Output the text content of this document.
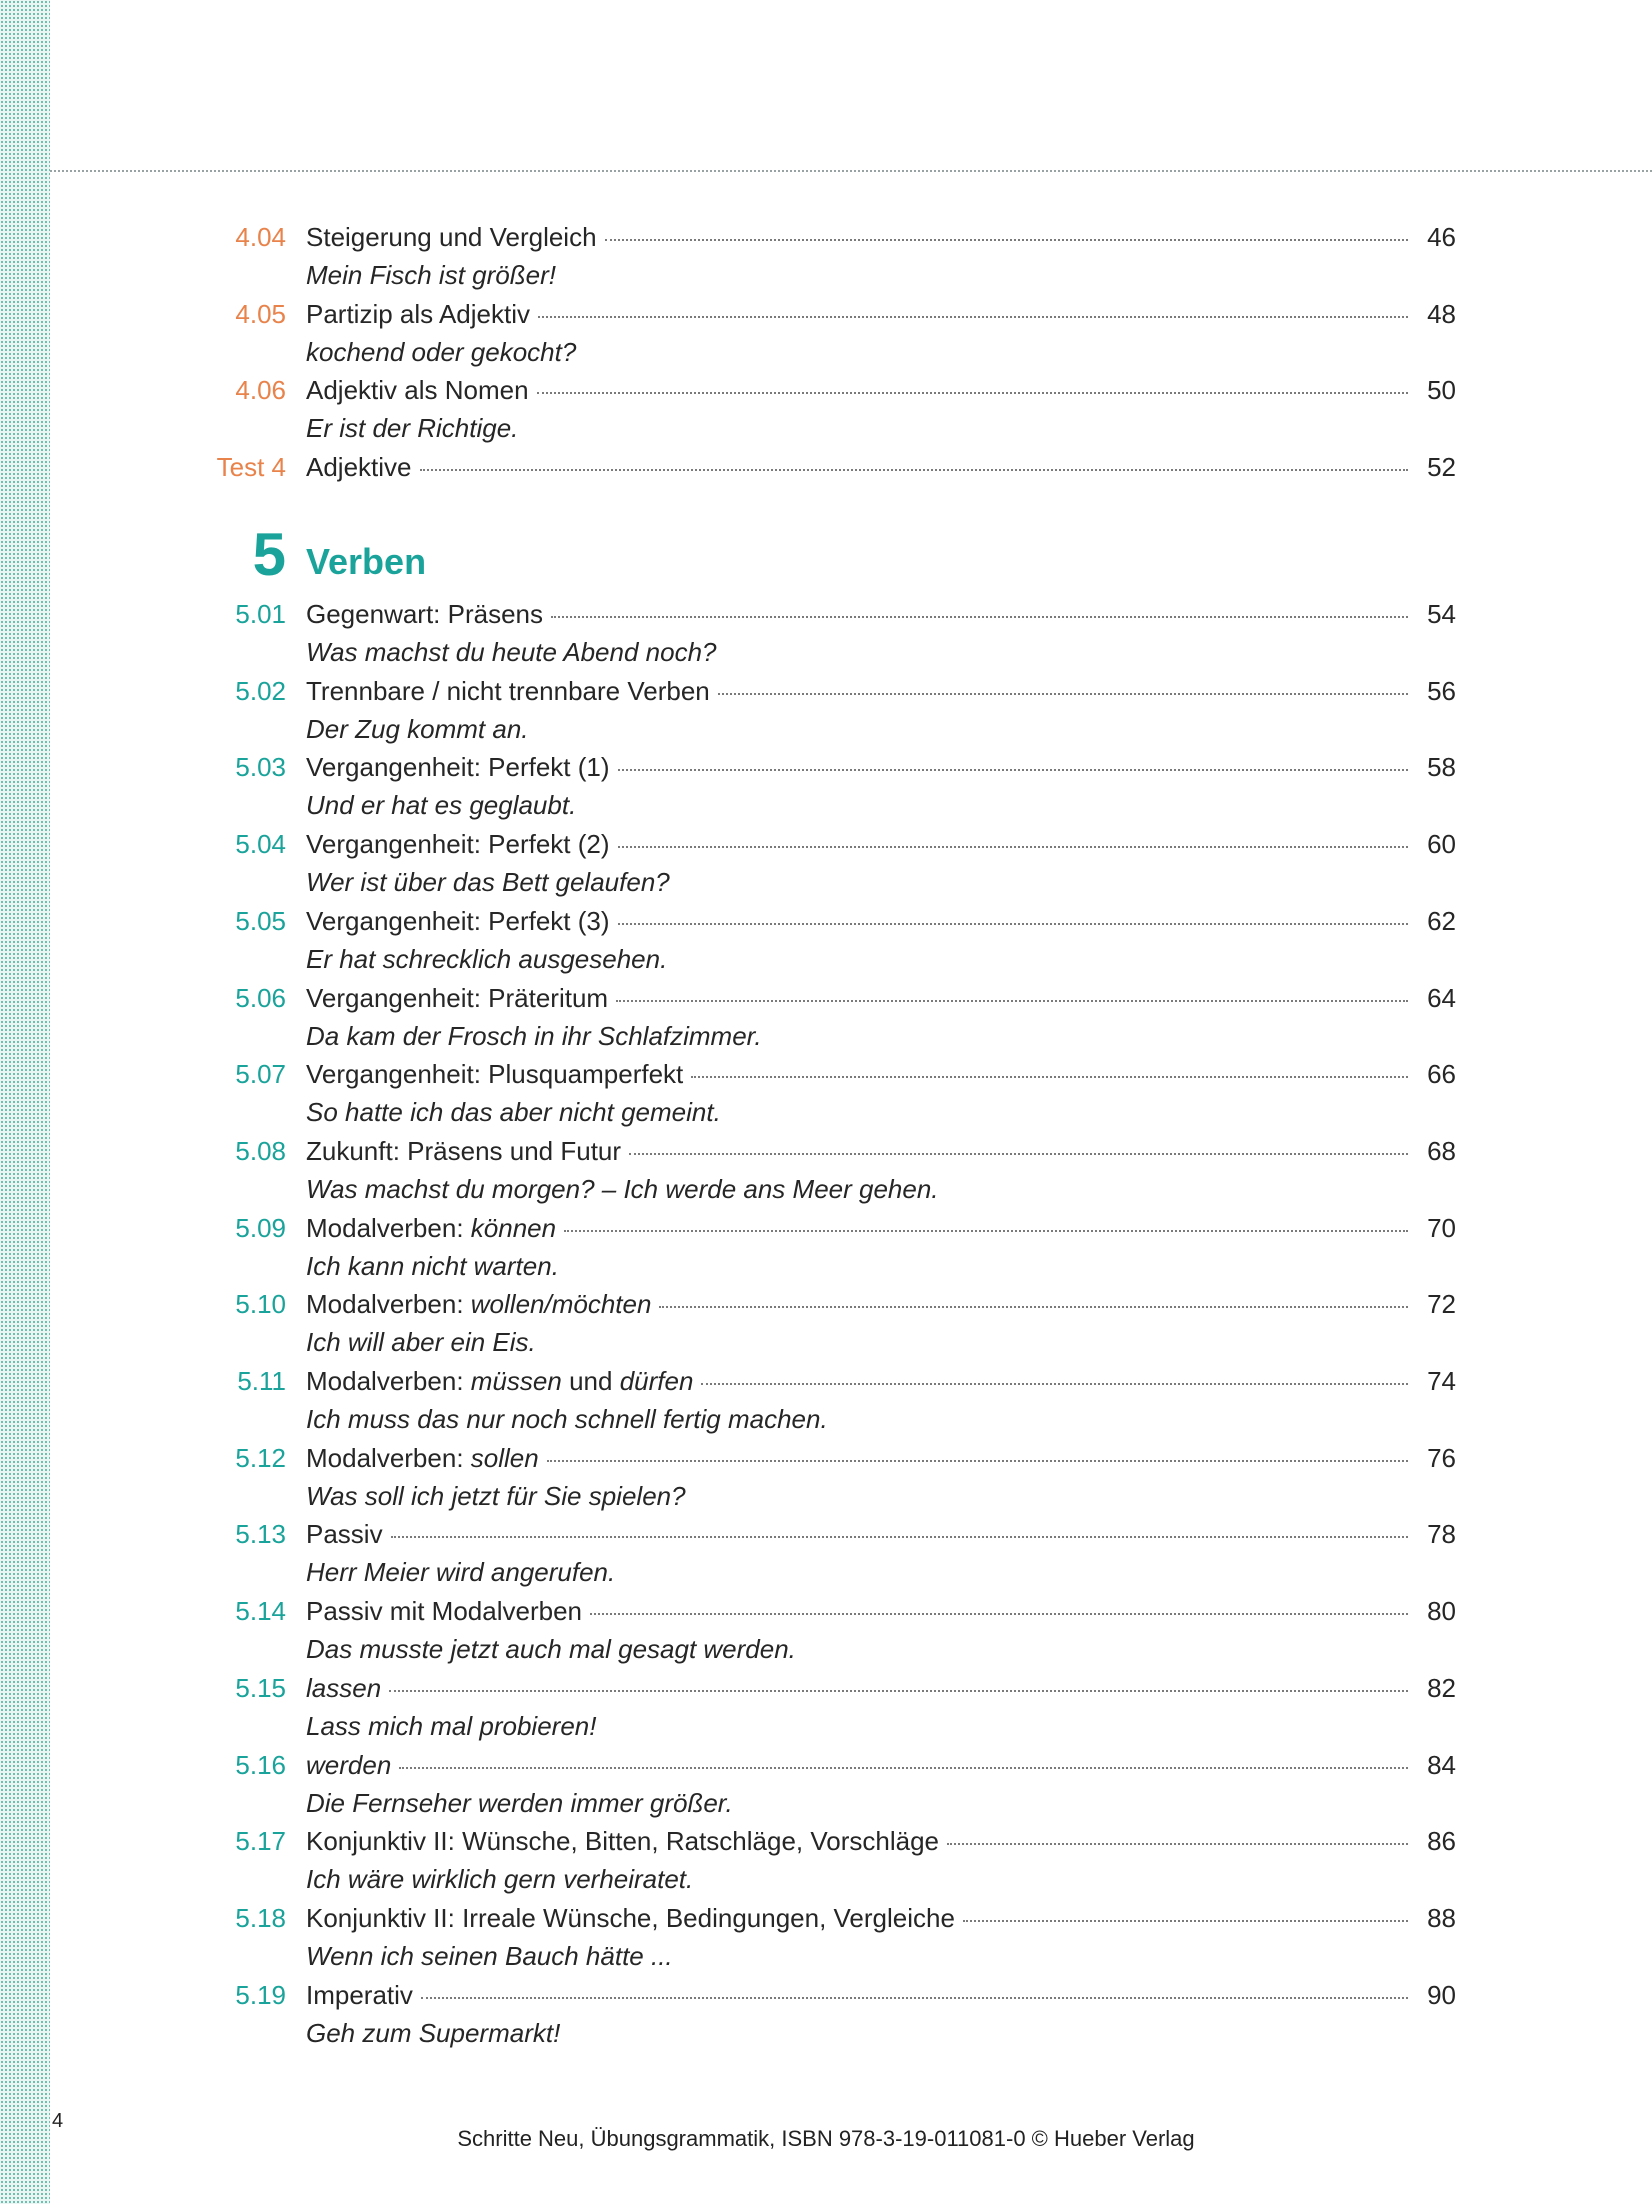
4.04 Steigerung und Vergleich	46
Mein Fisch ist größer!
4.05 Partizip als Adjektiv	48
kochend oder gekocht?
4.06 Adjektiv als Nomen	50
Er ist der Richtige.
Test 4 Adjektive	52
5 Verben
5.01 Gegenwart: Präsens	54
Was machst du heute Abend noch?
5.02 Trennbare / nicht trennbare Verben	56
Der Zug kommt an.
5.03 Vergangenheit: Perfekt (1)	58
Und er hat es geglaubt.
5.04 Vergangenheit: Perfekt (2)	60
Wer ist über das Bett gelaufen?
5.05 Vergangenheit: Perfekt (3)	62
Er hat schrecklich ausgesehen.
5.06 Vergangenheit: Präteritum	64
Da kam der Frosch in ihr Schlafzimmer.
5.07 Vergangenheit: Plusquamperfekt	66
So hatte ich das aber nicht gemeint.
5.08 Zukunft: Präsens und Futur	68
Was machst du morgen? – Ich werde ans Meer gehen.
5.09 Modalverben: können	70
Ich kann nicht warten.
5.10 Modalverben: wollen/möchten	72
Ich will aber ein Eis.
5.11 Modalverben: müssen und dürfen	74
Ich muss das nur noch schnell fertig machen.
5.12 Modalverben: sollen	76
Was soll ich jetzt für Sie spielen?
5.13 Passiv	78
Herr Meier wird angerufen.
5.14 Passiv mit Modalverben	80
Das musste jetzt auch mal gesagt werden.
5.15 lassen	82
Lass mich mal probieren!
5.16 werden	84
Die Fernseher werden immer größer.
5.17 Konjunktiv II: Wünsche, Bitten, Ratschläge, Vorschläge	86
Ich wäre wirklich gern verheiratet.
5.18 Konjunktiv II: Irreale Wünsche, Bedingungen, Vergleiche	88
Wenn ich seinen Bauch hätte ...
5.19 Imperativ	90
Geh zum Supermarkt!
4
Schritte Neu, Übungsgrammatik, ISBN 978-3-19-011081-0 © Hueber Verlag
